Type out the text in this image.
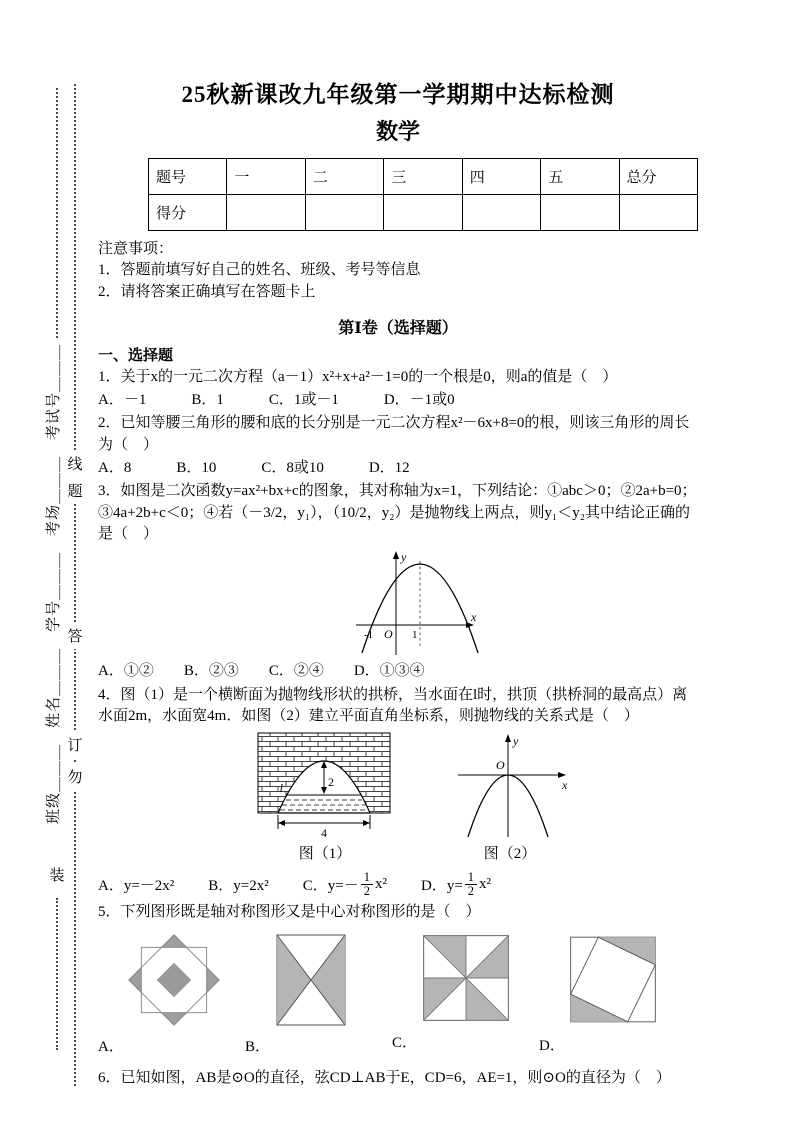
班级＿＿＿　姓名＿＿＿　学号＿＿＿　考场＿＿＿　考试号＿＿＿ 线
题
答
订
勿
装
25秋新课改九年级第一学期期中达标检测
数学
题号	一	二	三	四	五	总分
得分						
注意事项：
1．答题前填写好自己的姓名、班级、考号等信息
2．请将答案正确填写在答题卡上
第Ⅰ卷（选择题）
一、选择题
1．关于x的一元二次方程（a－1）x²+x+a²－1=0的一个根是0，则a的值是（　）
A．－1　　　B．1　　　C．1或－1　　　D．－1或0
2．已知等腰三角形的腰和底的长分别是一元二次方程x²－6x+8=0的根，则该三角形的周长为（　）
A．8　　　B．10　　　C．8或10　　　D．12
3．如图是二次函数y=ax²+bx+c的图象，其对称轴为x=1，下列结论：①abc＞0；②2a+b=0；③4a+2b+c＜0；④若（－3/2，y₁），（10/2，y₂）是抛物线上两点，则y₁＜y₂其中结论正确的是（　）
y
x
O
-1	1
A．①②　　B．②③　　C．②④　　D．①③④
4．图（1）是一个横断面为抛物线形状的拱桥，当水面在l时，拱顶（拱桥洞的最高点）离水面2m，水面宽4m．如图（2）建立平面直角坐标系，则抛物线的关系式是（　）
2
l
4
图（1）
y
x
O
图（2）
A．y=－2x² B．y=2x² C．$y=- \frac{1}{2} x^2$ D．$y= \frac{1}{2} x^2$
5．下列图形既是轴对称图形又是中心对称图形的是（　）
A．	B．	C．	D．
6．已知如图，AB是⊙O的直径，弦CD⊥AB于E，CD=6，AE=1，则⊙O的直径为（　）
